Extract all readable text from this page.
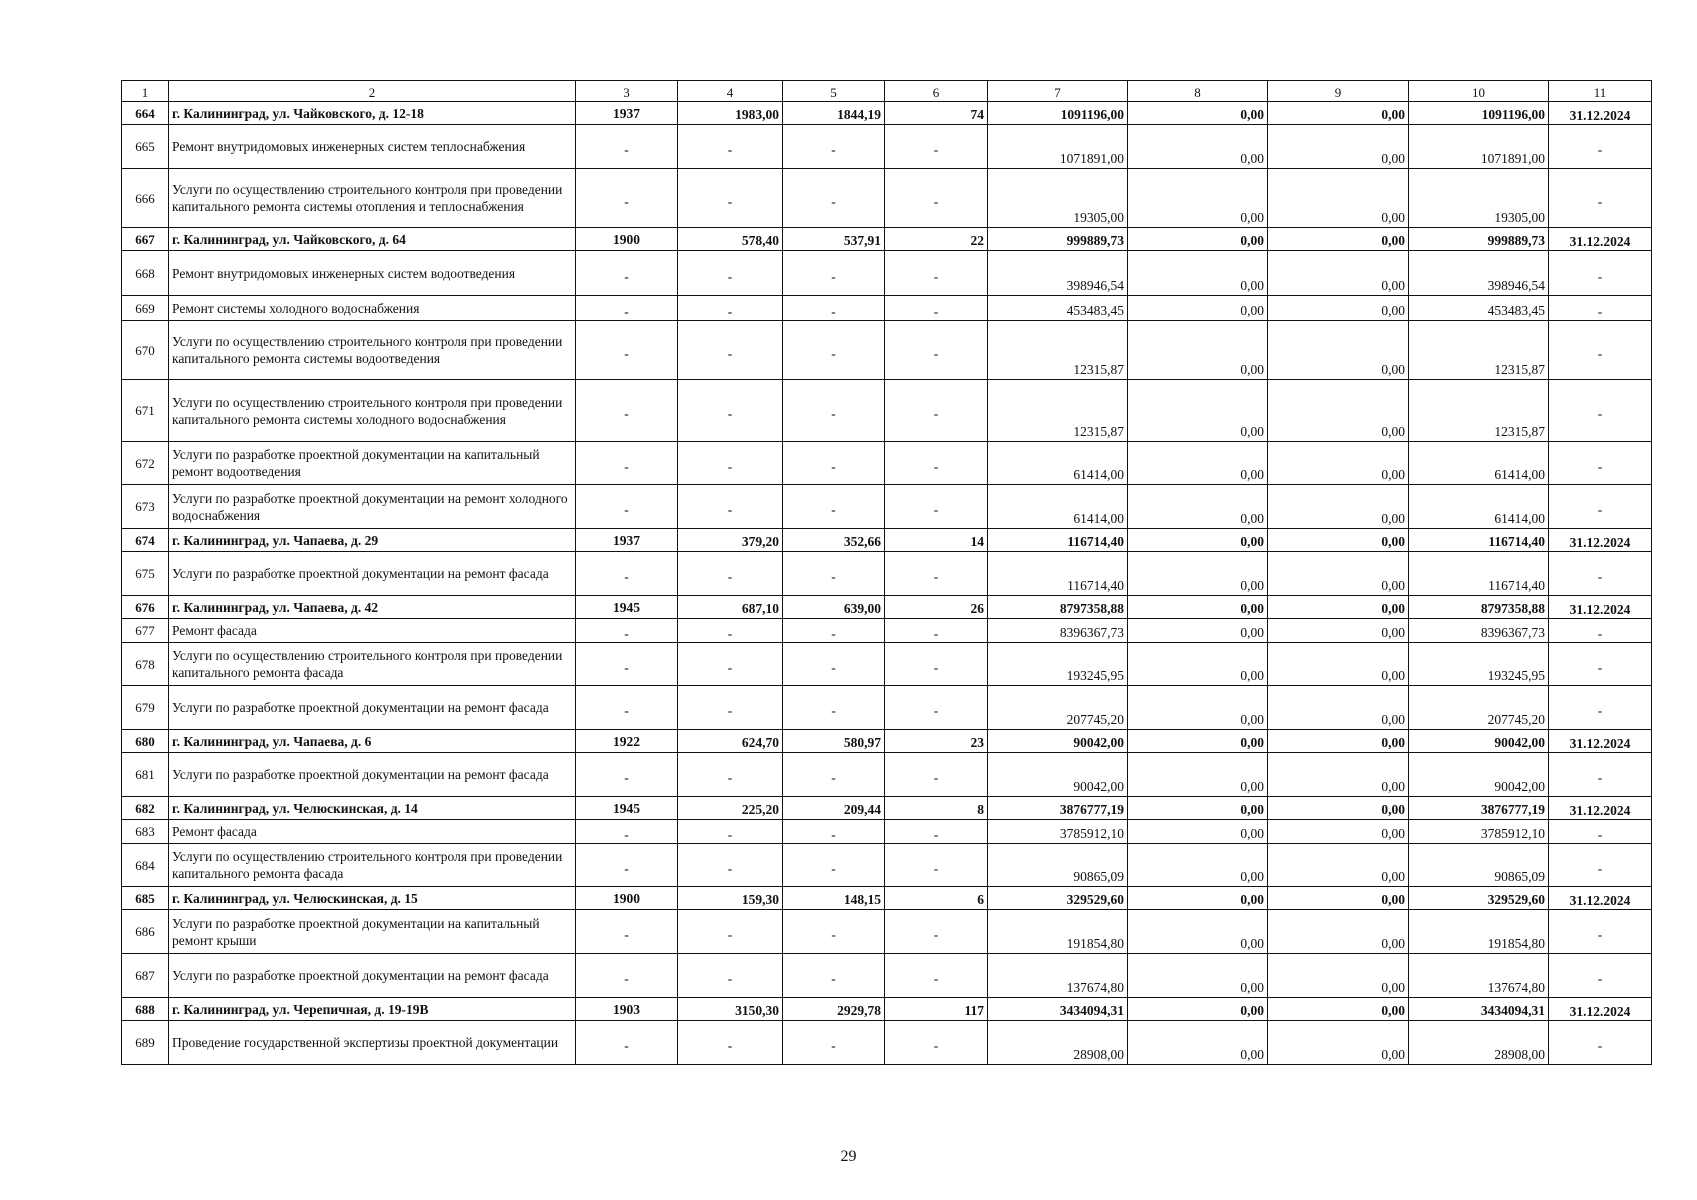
1	2	3	4	5	6	7	8	9	10	11
664	г. Калининград, ул. Чайковского, д. 12-18	1937	1983,00	1844,19	74	1091196,00	0,00	0,00	1091196,00	31.12.2024
665	Ремонт внутридомовых инженерных систем теплоснабжения	-	-	-	-	1071891,00	0,00	0,00	1071891,00	-
666	Услуги по осуществлению строительного контроля при проведении капитального ремонта системы отопления и теплоснабжения	-	-	-	-	19305,00	0,00	0,00	19305,00	-
667	г. Калининград, ул. Чайковского, д. 64	1900	578,40	537,91	22	999889,73	0,00	0,00	999889,73	31.12.2024
668	Ремонт внутридомовых инженерных систем водоотведения	-	-	-	-	398946,54	0,00	0,00	398946,54	-
669	Ремонт системы холодного водоснабжения	-	-	-	-	453483,45	0,00	0,00	453483,45	-
670	Услуги по осуществлению строительного контроля при проведении капитального ремонта системы водоотведения	-	-	-	-	12315,87	0,00	0,00	12315,87	-
671	Услуги по осуществлению строительного контроля при проведении капитального ремонта системы холодного водоснабжения	-	-	-	-	12315,87	0,00	0,00	12315,87	-
672	Услуги по разработке проектной документации на капитальный ремонт водоотведения	-	-	-	-	61414,00	0,00	0,00	61414,00	-
673	Услуги по разработке проектной документации на ремонт холодного водоснабжения	-	-	-	-	61414,00	0,00	0,00	61414,00	-
674	г. Калининград, ул. Чапаева, д. 29	1937	379,20	352,66	14	116714,40	0,00	0,00	116714,40	31.12.2024
675	Услуги по разработке проектной документации на ремонт фасада	-	-	-	-	116714,40	0,00	0,00	116714,40	-
676	г. Калининград, ул. Чапаева, д. 42	1945	687,10	639,00	26	8797358,88	0,00	0,00	8797358,88	31.12.2024
677	Ремонт фасада	-	-	-	-	8396367,73	0,00	0,00	8396367,73	-
678	Услуги по осуществлению строительного контроля при проведении капитального ремонта фасада	-	-	-	-	193245,95	0,00	0,00	193245,95	-
679	Услуги по разработке проектной документации на ремонт фасада	-	-	-	-	207745,20	0,00	0,00	207745,20	-
680	г. Калининград, ул. Чапаева, д. 6	1922	624,70	580,97	23	90042,00	0,00	0,00	90042,00	31.12.2024
681	Услуги по разработке проектной документации на ремонт фасада	-	-	-	-	90042,00	0,00	0,00	90042,00	-
682	г. Калининград, ул. Челюскинская, д. 14	1945	225,20	209,44	8	3876777,19	0,00	0,00	3876777,19	31.12.2024
683	Ремонт фасада	-	-	-	-	3785912,10	0,00	0,00	3785912,10	-
684	Услуги по осуществлению строительного контроля при проведении капитального ремонта фасада	-	-	-	-	90865,09	0,00	0,00	90865,09	-
685	г. Калининград, ул. Челюскинская, д. 15	1900	159,30	148,15	6	329529,60	0,00	0,00	329529,60	31.12.2024
686	Услуги по разработке проектной документации на капитальный ремонт крыши	-	-	-	-	191854,80	0,00	0,00	191854,80	-
687	Услуги по разработке проектной документации на ремонт фасада	-	-	-	-	137674,80	0,00	0,00	137674,80	-
688	г. Калининград, ул. Черепичная, д. 19-19В	1903	3150,30	2929,78	117	3434094,31	0,00	0,00	3434094,31	31.12.2024
689	Проведение государственной экспертизы проектной документации	-	-	-	-	28908,00	0,00	0,00	28908,00	-
29
